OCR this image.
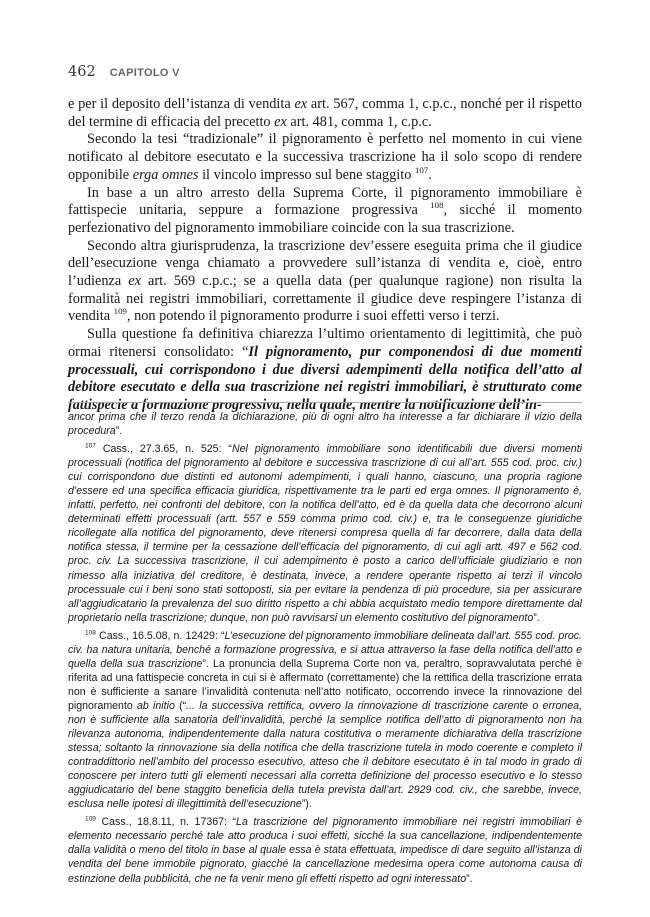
462 CAPITOLO V

e per il deposito dell’istanza di vendita ex art. 567, comma 1, c.p.c., nonché per il rispetto del termine di efficacia del precetto ex art. 481, comma 1, c.p.c.

Secondo la tesi “tradizionale” il pignoramento è perfetto nel momento in cui viene notificato al debitore esecutato e la successiva trascrizione ha il solo scopo di rendere opponibile erga omnes il vincolo impresso sul bene staggito $^{107}$.

In base a un altro arresto della Suprema Corte, il pignoramento immobiliare è fattispecie unitaria, seppure a formazione progressiva $^{108}$, sicché il momento perfezionativo del pignoramento immobiliare coincide con la sua trascrizione.

Secondo altra giurisprudenza, la trascrizione dev’essere eseguita prima che il giudice dell’esecuzione venga chiamato a provvedere sull’istanza di vendita e, cioè, entro l’udienza ex art. 569 c.p.c.; se a quella data (per qualunque ragione) non risulta la formalità nei registri immobiliari, correttamente il giudice deve respingere l’istanza di vendita $^{109}$, non potendo il pignoramento produrre i suoi effetti verso i terzi.

Sulla questione fa definitiva chiarezza l’ultimo orientamento di legittimità, che può ormai ritenersi consolidato: “Il pignoramento, pur componendosi di due momenti processuali, cui corrispondono i due diversi adempimenti della notifica dell’atto al debitore esecutato e della sua trascrizione nei registri immobiliari, è strutturato come fattispecie a formazione progressiva, nella quale, mentre la notificazione dell’in-

ancor prima che il terzo renda la dichiarazione, più di ogni altro ha interesse a far dichiarare il vizio della procedura”.

$^{107}$ Cass., 27.3.65, n. 525: “Nel pignoramento immobiliare sono identificabili due diversi momenti processuali (notifica del pignoramento al debitore e successiva trascrizione di cui all’art. 555 cod. proc. civ.) cui corrispondono due distinti ed autonomi adempimenti, i quali hanno, ciascuno, una propria ragione d’essere ed una specifica efficacia giuridica, rispettivamente tra le parti ed erga omnes. Il pignoramento è, infatti, perfetto, nei confronti del debitore, con la notifica dell’atto, ed è da quella data che decorrono alcuni determinati effetti processuali (artt. 557 e 559 comma primo cod. civ.) e, tra le conseguenze giuridiche ricollegate alla notifica del pignoramento, deve ritenersi compresa quella di far decorrere, dalla data della notifica stessa, il termine per la cessazione dell’efficacia del pignoramento, di cui agli artt. 497 e 562 cod. proc. civ. La successiva trascrizione, il cui adempimento è posto a carico dell’ufficiale giudiziario e non rimesso alla iniziativa del creditore, è destinata, invece, a rendere operante rispetto ai terzi il vincolo processuale cui i beni sono stati sottoposti, sia per evitare la pendenza di più procedure, sia per assicurare all’aggiudicatario la prevalenza del suo diritto rispetto a chi abbia acquistato medio tempore direttamente dal proprietario nella trascrizione; dunque, non può ravvisarsi un elemento costitutivo del pignoramento”.

$^{108}$ Cass., 16.5.08, n. 12429: “L’esecuzione del pignoramento immobiliare delineata dall’art. 555 cod. proc. civ. ha natura unitaria, benché a formazione progressiva, e si attua attraverso la fase della notifica dell’atto e quella della sua trascrizione”. La pronuncia della Suprema Corte non va, peraltro, sopravvalutata perché è riferita ad una fattispecie concreta in cui si è affermato (correttamente) che la rettifica della trascrizione errata non è sufficiente a sanare l’invalidità contenuta nell’atto notificato, occorrendo invece la rinnovazione del pignoramento ab initio (“... la successiva rettifica, ovvero la rinnovazione di trascrizione carente o erronea, non è sufficiente alla sanatoria dell’invalidità, perché la semplice notifica dell’atto di pignoramento non ha rilevanza autonoma, indipendentemente dalla natura costitutiva o meramente dichiarativa della trascrizione stessa; soltanto la rinnovazione sia della notifica che della trascrizione tutela in modo coerente e completo il contraddittorio nell’ambito del processo esecutivo, atteso che il debitore esecutato è in tal modo in grado di conoscere per intero tutti gli elementi necessari alla corretta definizione del processo esecutivo e lo stesso aggiudicatario del bene staggito beneficia della tutela prevista dall’art. 2929 cod. civ., che sarebbe, invece, esclusa nelle ipotesi di illegittimità dell’esecuzione”).

$^{109}$ Cass., 18.8.11, n. 17367: “La trascrizione del pignoramento immobiliare nei registri immobiliari è elemento necessario perché tale atto produca i suoi effetti, sicché la sua cancellazione, indipendentemente dalla validità o meno del titolo in base al quale essa è stata effettuata, impedisce di dare seguito all’istanza di vendita del bene immobile pignorato, giacché la cancellazione medesima opera come autonoma causa di estinzione della pubblicità, che ne fa venir meno gli effetti rispetto ad ogni interessato”.
